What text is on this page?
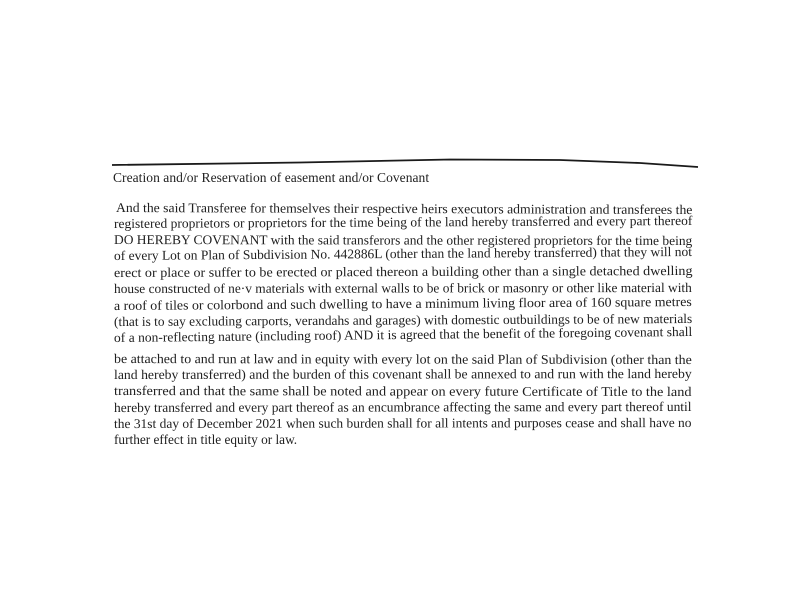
Creation and/or Reservation of easement and/or Covenant
And the said Transferee for themselves their respective heirs executors administration and transferees the
registered proprietors or proprietors for the time being of the land hereby transferred and every part thereof
DO HEREBY COVENANT with the said transferors and the other registered proprietors for the time being
of every Lot on Plan of Subdivision No. 442886L (other than the land hereby transferred) that they will not
erect or place or suffer to be erected or placed thereon a building other than a single detached dwelling
house constructed of ne·v materials with external walls to be of brick or masonry or other like material with
a roof of tiles or colorbond and such dwelling to have a minimum living floor area of 160 square metres
(that is to say excluding carports, verandahs and garages) with domestic outbuildings to be of new materials
of a non-reflecting nature (including roof) AND it is agreed that the benefit of the foregoing covenant shall
be attached to and run at law and in equity with every lot on the said Plan of Subdivision (other than the
land hereby transferred) and the burden of this covenant shall be annexed to and run with the land hereby
transferred and that the same shall be noted and appear on every future Certificate of Title to the land
hereby transferred and every part thereof as an encumbrance affecting the same and every part thereof until
the 31st day of December 2021 when such burden shall for all intents and purposes cease and shall have no
further effect in title equity or law.
